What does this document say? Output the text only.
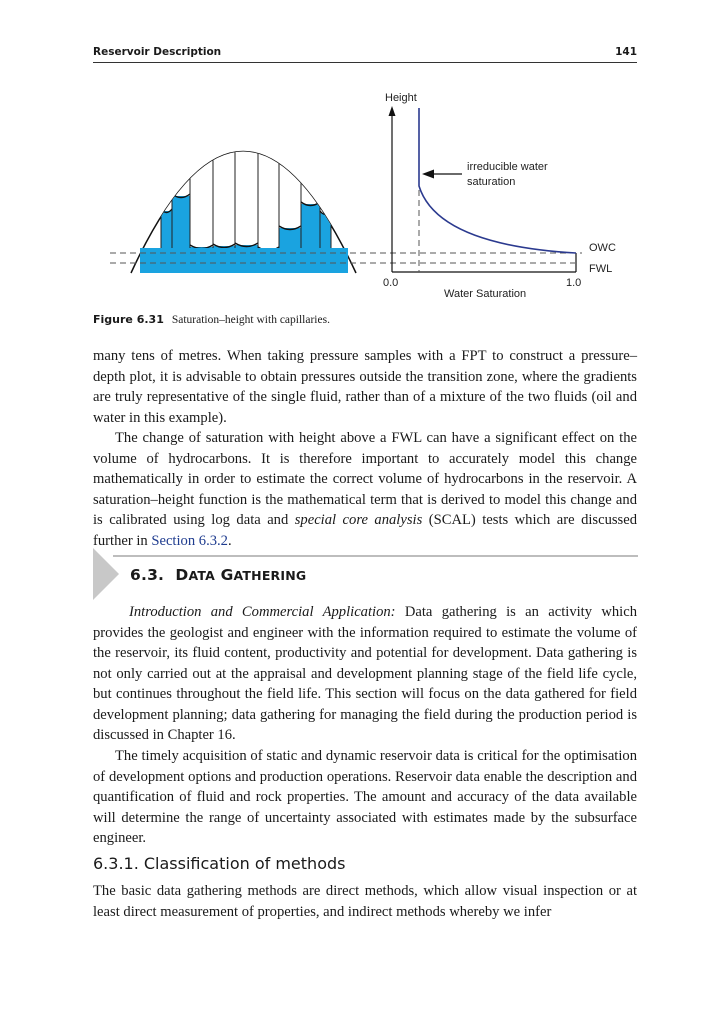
Reservoir Description	141
Height
irreducible water
saturation
OWC
FWL
0.0	1.0
Water Saturation
Figure 6.31 Saturation–height with capillaries.

many tens of metres. When taking pressure samples with a FPT to construct a pressure–depth plot, it is advisable to obtain pressures outside the transition zone, where the gradients are truly representative of the single fluid, rather than of a mixture of the two fluids (oil and water in this example).

The change of saturation with height above a FWL can have a significant effect on the volume of hydrocarbons. It is therefore important to accurately model this change mathematically in order to estimate the correct volume of hydrocarbons in the reservoir. A saturation–height function is the mathematical term that is derived to model this change and is calibrated using log data and special core analysis (SCAL) tests which are discussed further in Section 6.3.2.

6.3. DATA GATHERING

Introduction and Commercial Application: Data gathering is an activity which provides the geologist and engineer with the information required to estimate the volume of the reservoir, its fluid content, productivity and potential for development. Data gathering is not only carried out at the appraisal and development planning stage of the field life cycle, but continues throughout the field life. This section will focus on the data gathered for field development planning; data gathering for managing the field during the production period is discussed in Chapter 16.

The timely acquisition of static and dynamic reservoir data is critical for the optimisation of development options and production operations. Reservoir data enable the description and quantification of fluid and rock properties. The amount and accuracy of the data available will determine the range of uncertainty associated with estimates made by the subsurface engineer.

6.3.1. Classification of methods

The basic data gathering methods are direct methods, which allow visual inspection or at least direct measurement of properties, and indirect methods whereby we infer
